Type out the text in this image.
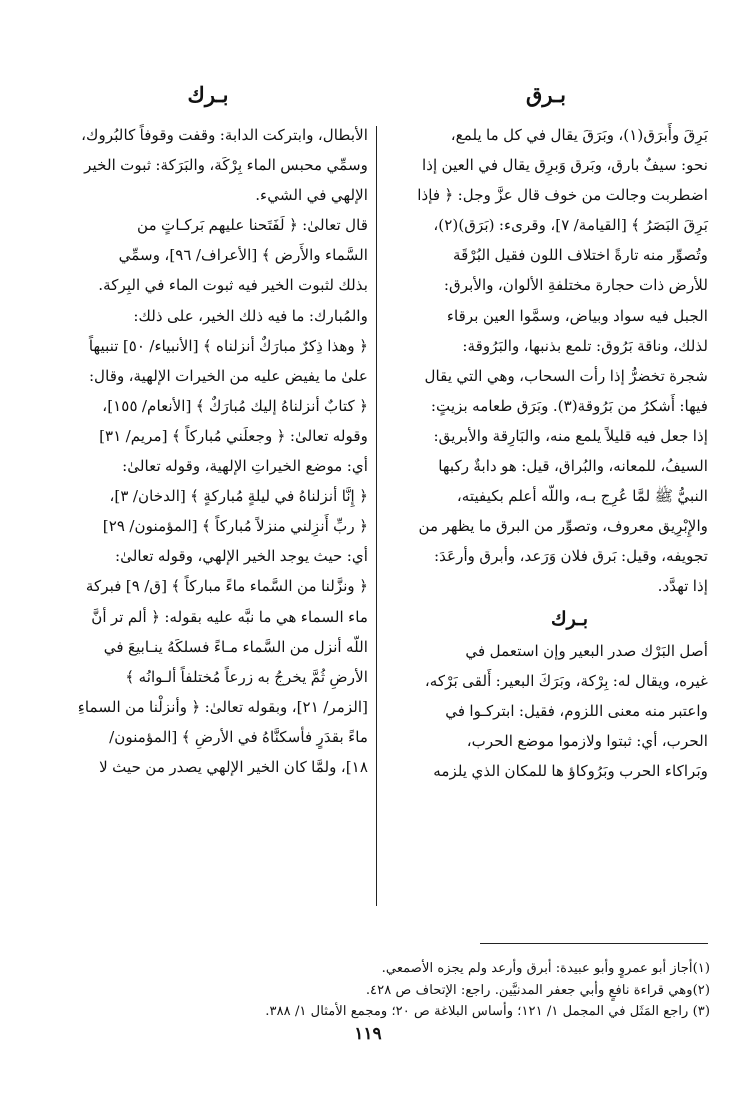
بـرق

بَرِقَ وأَبرَق(١)، وبَرَقَ يقال في كل ما يلمع،

نحو: سيفٌ بارق، وبَرق وَبرِق يقال في العين إذا

اضطربت وجالت من خوف قال عزَّ وجل: ﴿ فإذا

بَرِقَ البَصَرُ ﴾ [القيامة/ ٧]، وقرىء: (بَرَق)(٢)،

وتُصوِّر منه تارةً اختلاف اللون فقيل البُرْقَة

للأرض ذات حجارة مختلفةِ الألوان، والأبرق:

الجبل فيه سواد وبياض، وسمَّوا العين برقاء

لذلك، وناقة بَرُوق: تلمع بذنبها، والبَرُوقة:

شجرة تخضرُّ إذا رأت السحاب، وهي التي يقال

فيها: أَشكرُ من بَرُوقة(٣). وبَرَق طعامه بزيتٍ:

إذا جعل فيه قليلاً يلمع منه، والبَارِقة والأبريق:

السيفُ، للمعانه، والبُراق، قيل: هو دابةٌ ركبها

النبيُّ ﷺ لمَّا عُرِج بـه، واللّه أعلم بكيفيته،

والإِبْرِيق معروف، وتصوِّر من البرق ما يظهر من

تجويفه، وقيل: بَرق فلان وَرَعد، وأبرق وأرعَدَ:

إذا تهدَّد.

بـرك

أصل البَرْك صدر البعير وإن استعمل في

غيره، ويقال له: بِرْكة، وبَرَكَ البعير: أَلقى بَرْكه،

واعتبر منه معنى اللزوم، فقيل: ابتركـوا في

الحرب، أي: ثبتوا ولازموا موضع الحرب،

وبَراكاء الحرب وبَرُوكاؤ ها للمكان الذي يلزمه

بـرك

الأبطال، وابتركت الدابة: وقفت وقوفاً كالبُروك،

وسمِّي محبس الماء بِرْكَة، والبَرَكة: ثبوت الخير

الإلهي في الشيء.

قال تعالىٰ: ﴿ لَفَتَحنا عليهم بَركـاتٍ من

السَّماء والأَرض ﴾ [الأعراف/ ٩٦]، وسمِّي

بذلك لثبوت الخير فيه ثبوت الماء في البِركة.

والمُبارك: ما فيه ذلك الخير، على ذلك:

﴿ وهذا ذِكرٌ مبارَكٌ أنزلناه ﴾ [الأنبياء/ ٥٠] تنبيهاً

علىٰ ما يفيض عليه من الخيرات الإلهية، وقال:

﴿ كتابٌ أنزلناهُ إليك مُبارَكٌ ﴾ [الأنعام/ ١٥٥]،

وقوله تعالىٰ: ﴿ وجعلَني مُباركاً ﴾ [مريم/ ٣١]

أي: موضع الخيراتِ الإلهية، وقوله تعالىٰ:

﴿ إِنَّا أنزلناهُ في ليلةٍ مُباركةٍ ﴾ [الدخان/ ٣]،

﴿ ربِّ أَنزِلني منزلاً مُباركاً ﴾ [المؤمنون/ ٢٩]

أي: حيث يوجد الخير الإلهي، وقوله تعالىٰ:

﴿ ونزَّلنا من السَّماء ماءً مباركاً ﴾ [ق/ ٩] فبركة

ماء السماء هي ما نبَّه عليه بقوله: ﴿ ألم تر أنَّ

اللّه أنزل من السَّماء مـاءً فسلكَهُ ينـابيعَ في

الأرضِ ثُمَّ يخرجُ به زرعاً مُختلفاً ألـوانُه ﴾

[الزمر/ ٢١]، وبقوله تعالىٰ: ﴿ وأنزلْنا من السماءِ

ماءً بقدَرٍ فأسكنَّاهُ في الأرضِ ﴾ [المؤمنون/

١٨]، ولمَّا كان الخير الإلهي يصدر من حيث لا

(١)أجاز أبو عمروٍ وأبو عبيدة: أبرق وأرعد ولم يجزه الأصمعي.
(٢)وهي قراءة نافعٍ وأبي جعفر المدنيَّين. راجع: الإتحاف ص ٤٢٨.
(٣) راجع المَثَل في المجمل ١/ ١٢١؛ وأساس البلاغة ص ٢٠؛ ومجمع الأمثال ١/ ٣٨٨.
١١٩
